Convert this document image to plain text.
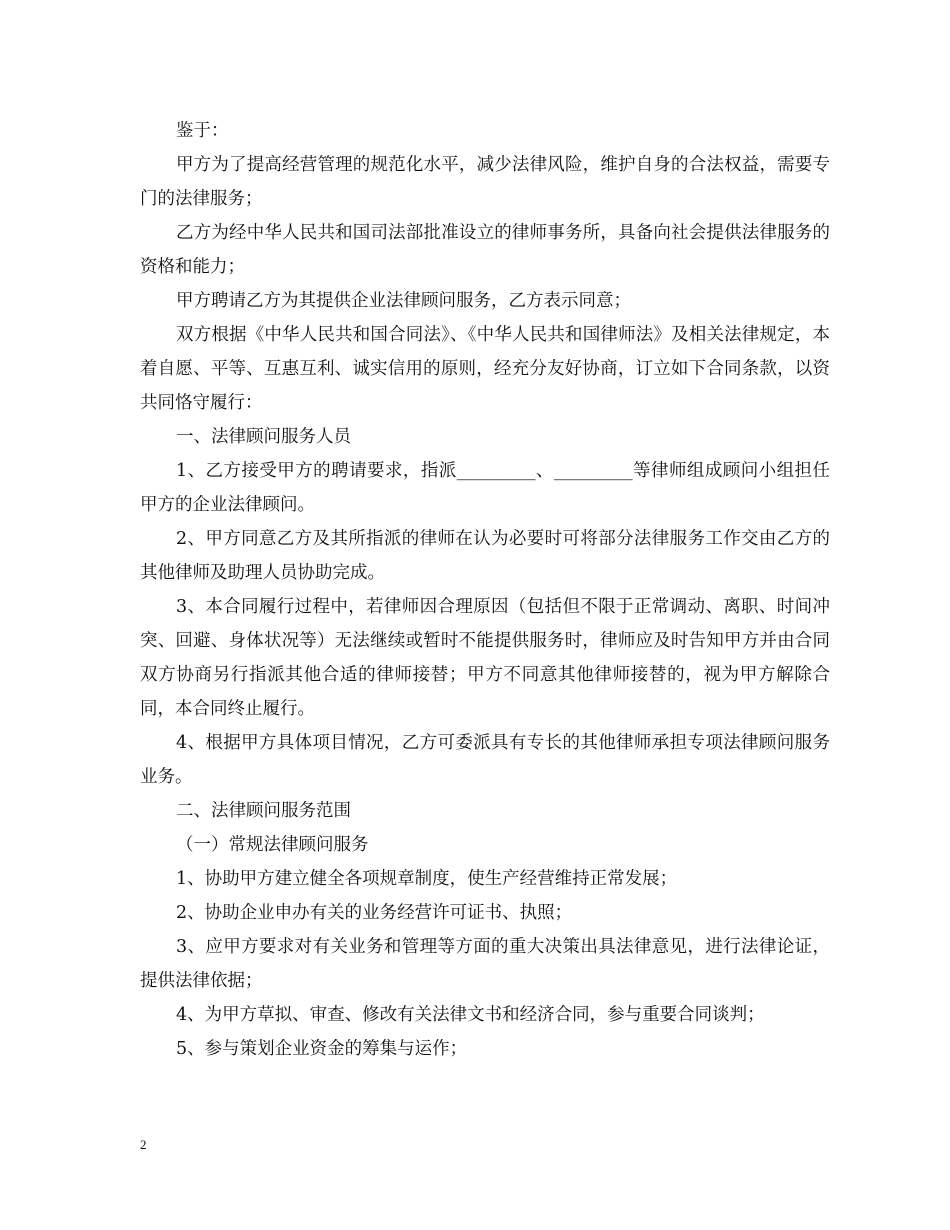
鉴于：

甲方为了提高经营管理的规范化水平，减少法律风险，维护自身的合法权益，需要专门的法律服务；

乙方为经中华人民共和国司法部批准设立的律师事务所，具备向社会提供法律服务的资格和能力；

甲方聘请乙方为其提供企业法律顾问服务，乙方表示同意；

双方根据《中华人民共和国合同法》、《中华人民共和国律师法》及相关法律规定，本着自愿、平等、互惠互利、诚实信用的原则，经充分友好协商，订立如下合同条款，以资共同恪守履行：

一、法律顾问服务人员

1、乙方接受甲方的聘请要求，指派_________、_________等律师组成顾问小组担任甲方的企业法律顾问。

2、甲方同意乙方及其所指派的律师在认为必要时可将部分法律服务工作交由乙方的其他律师及助理人员协助完成。

3、本合同履行过程中，若律师因合理原因（包括但不限于正常调动、离职、时间冲突、回避、身体状况等）无法继续或暂时不能提供服务时，律师应及时告知甲方并由合同双方协商另行指派其他合适的律师接替；甲方不同意其他律师接替的，视为甲方解除合同，本合同终止履行。

4、根据甲方具体项目情况，乙方可委派具有专长的其他律师承担专项法律顾问服务业务。

二、法律顾问服务范围

（一）常规法律顾问服务

1、协助甲方建立健全各项规章制度，使生产经营维持正常发展；

2、协助企业申办有关的业务经营许可证书、执照；

3、应甲方要求对有关业务和管理等方面的重大决策出具法律意见，进行法律论证，提供法律依据；

4、为甲方草拟、审查、修改有关法律文书和经济合同，参与重要合同谈判；

5、参与策划企业资金的筹集与运作；

2
